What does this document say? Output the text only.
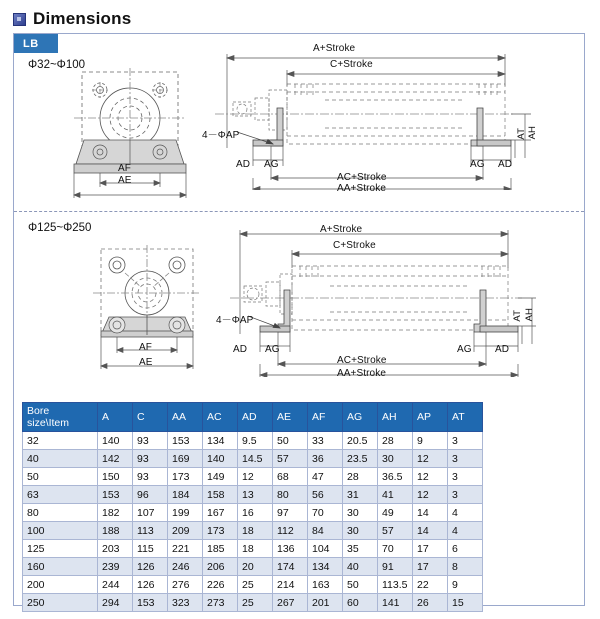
Dimensions
LB
Φ32~Φ100
AF
AE
A+Stroke
C+Stroke
4－ΦAP
AD AG	AG AD
AC+Stroke
AA+Stroke
AT AH
Φ125~Φ250
AF
AE
A+Stroke
C+Stroke
4－ΦAP
AD AG	AG AD
AC+Stroke
AA+Stroke
AT AH
Bore size\Item	A	C	AA	AC	AD	AE	AF	AG	AH	AP	AT
32	140	93	153	134	9.5	50	33	20.5	28	9	3
40	142	93	169	140	14.5	57	36	23.5	30	12	3
50	150	93	173	149	12	68	47	28	36.5	12	3
63	153	96	184	158	13	80	56	31	41	12	3
80	182	107	199	167	16	97	70	30	49	14	4
100	188	113	209	173	18	112	84	30	57	14	4
125	203	115	221	185	18	136	104	35	70	17	6
160	239	126	246	206	20	174	134	40	91	17	8
200	244	126	276	226	25	214	163	50	113.5	22	9
250	294	153	323	273	25	267	201	60	141	26	15
